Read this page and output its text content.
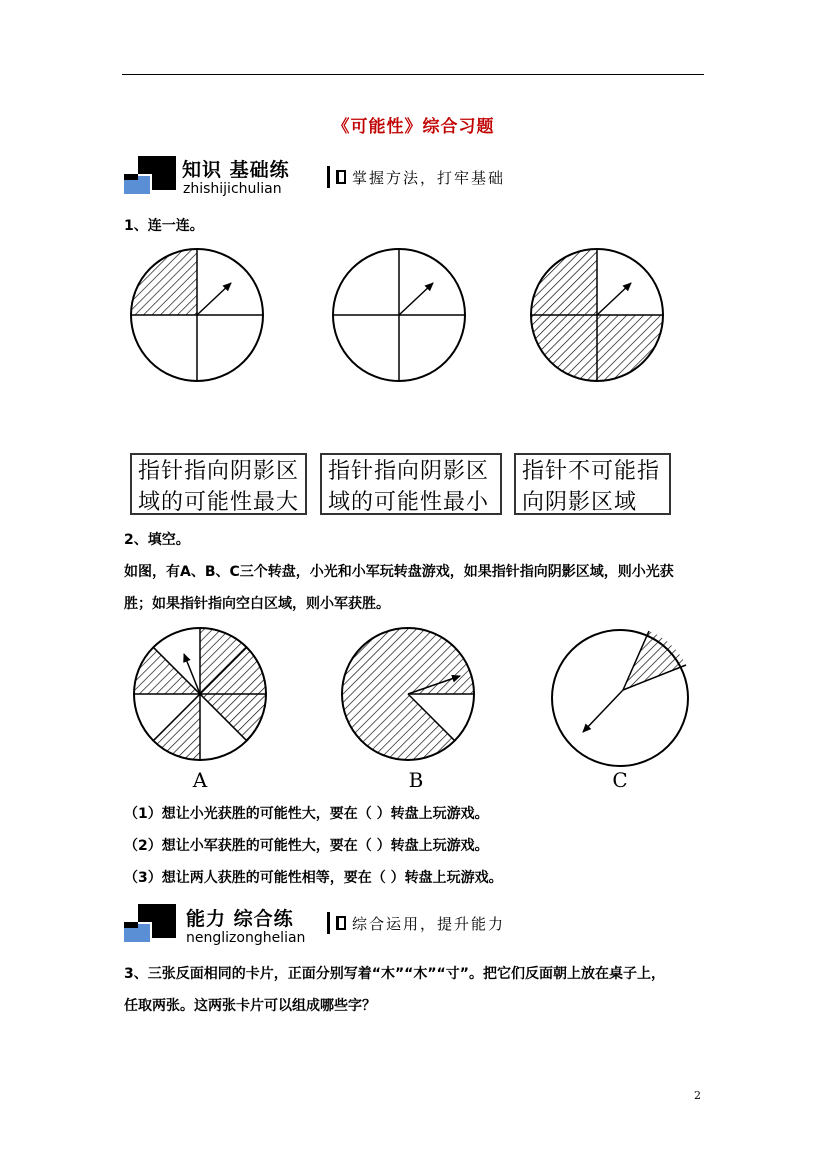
《可能性》综合习题
知识 基础练
zhishijichulian
掌握方法，打牢基础
1、连一连。
指针指向阴影区
域的可能性最大
指针指向阴影区
域的可能性最小
指针不可能指
向阴影区域
2、填空。
如图，有A、B、C三个转盘，小光和小军玩转盘游戏，如果指针指向阴影区域，则小光获
胜；如果指针指向空白区域，则小军获胜。
A	B	C
（1）想让小光获胜的可能性大，要在（ ）转盘上玩游戏。
（2）想让小军获胜的可能性大，要在（ ）转盘上玩游戏。
（3）想让两人获胜的可能性相等，要在（ ）转盘上玩游戏。
能力 综合练
nenglizonghelian
综合运用，提升能力
3、三张反面相同的卡片，正面分别写着“木”“木”“寸”。把它们反面朝上放在桌子上，
任取两张。这两张卡片可以组成哪些字？
2
